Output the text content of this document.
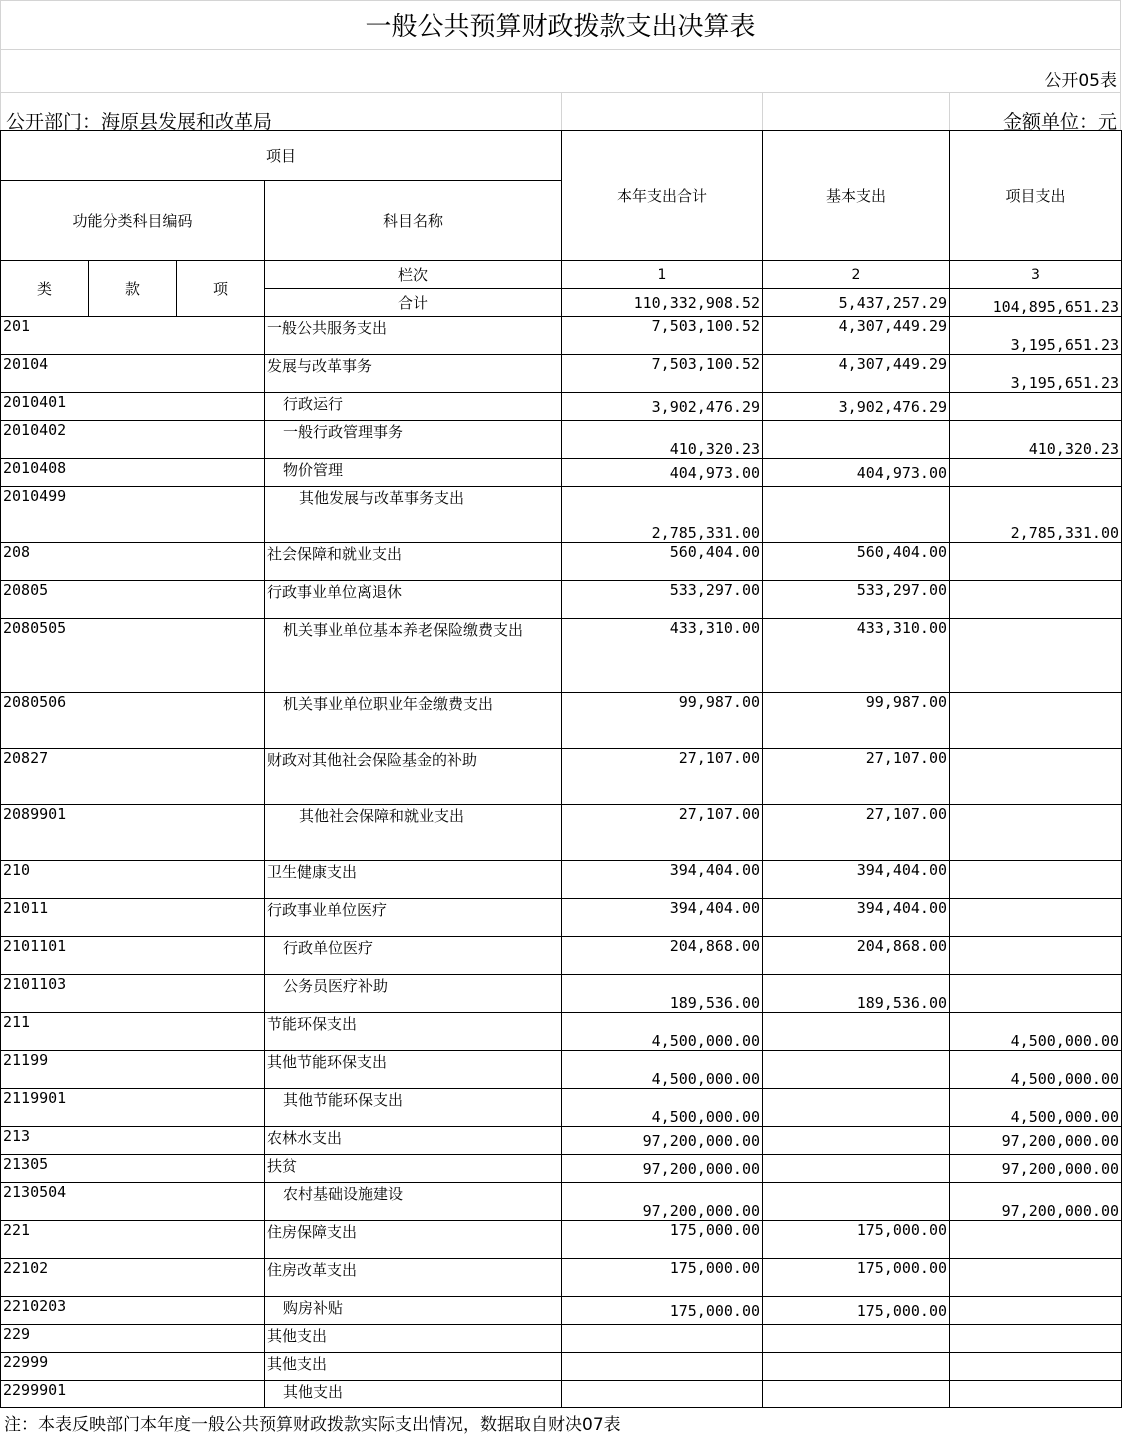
一般公共预算财政拨款支出决算表
公开05表
公开部门：海原县发展和改革局	金额单位：元
项目				本年支出合计	基本支出	项目支出
功能分类科目编码			科目名称			
类	款	项	栏次	1	2	3
			合计	110,332,908.52	5,437,257.29	104,895,651.23
201			一般公共服务支出	7,503,100.52	4,307,449.29	3,195,651.23
20104			发展与改革事务	7,503,100.52	4,307,449.29	3,195,651.23
2010401			行政运行	3,902,476.29	3,902,476.29	
2010402			一般行政管理事务	410,320.23		410,320.23
2010408			物价管理	404,973.00	404,973.00	
2010499			其他发展与改革事务支出	2,785,331.00		2,785,331.00
208			社会保障和就业支出	560,404.00	560,404.00	
20805			行政事业单位离退休	533,297.00	533,297.00	
2080505			机关事业单位基本养老保险缴费支出	433,310.00	433,310.00	
2080506			机关事业单位职业年金缴费支出	99,987.00	99,987.00	
20827			财政对其他社会保险基金的补助	27,107.00	27,107.00	
2089901			其他社会保障和就业支出	27,107.00	27,107.00	
210			卫生健康支出	394,404.00	394,404.00	
21011			行政事业单位医疗	394,404.00	394,404.00	
2101101			行政单位医疗	204,868.00	204,868.00	
2101103			公务员医疗补助	189,536.00	189,536.00	
211			节能环保支出	4,500,000.00		4,500,000.00
21199			其他节能环保支出	4,500,000.00		4,500,000.00
2119901			其他节能环保支出	4,500,000.00		4,500,000.00
213			农林水支出	97,200,000.00		97,200,000.00
21305			扶贫	97,200,000.00		97,200,000.00
2130504			农村基础设施建设	97,200,000.00		97,200,000.00
221			住房保障支出	175,000.00	175,000.00	
22102			住房改革支出	175,000.00	175,000.00	
2210203			购房补贴	175,000.00	175,000.00	
229			其他支出			
22999			其他支出			
2299901			其他支出			
注：本表反映部门本年度一般公共预算财政拨款实际支出情况，数据取自财决07表
